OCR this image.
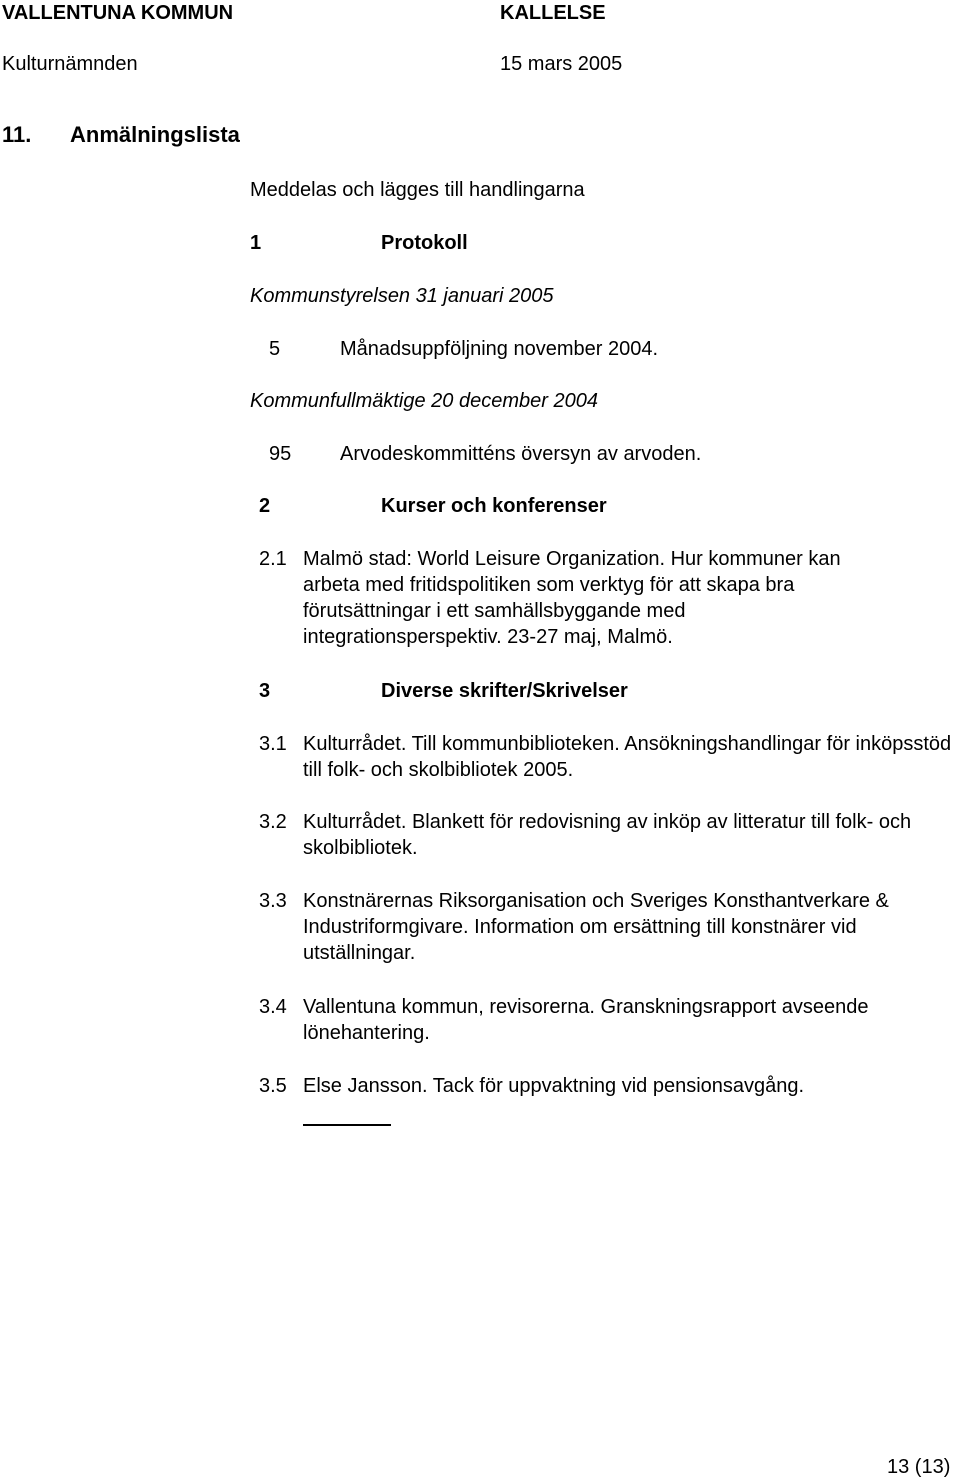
VALLENTUNA KOMMUN	KALLELSE
Kulturnämnden	15 mars 2005
11. Anmälningslista
Meddelas och lägges till handlingarna
1	Protokoll
Kommunstyrelsen 31 januari 2005
5	Månadsuppföljning november 2004.
Kommunfullmäktige 20 december 2004
95 Arvodeskommitténs översyn av arvoden.
2	Kurser och konferenser
2.1 Malmö stad: World Leisure Organization. Hur kommuner kan arbeta med fritidspolitiken som verktyg för att skapa bra förutsättningar i ett samhällsbyggande med integrationsperspektiv. 23-27 maj, Malmö.
3	Diverse skrifter/Skrivelser
3.1 Kulturrådet. Till kommunbiblioteken. Ansökningshandlingar för inköpsstöd till folk- och skolbibliotek 2005.
3.2 Kulturrådet. Blankett för redovisning av inköp av litteratur till folk- och skolbibliotek.
3.3 Konstnärernas Riksorganisation och Sveriges Konsthantverkare & Industriformgivare. Information om ersättning till konstnärer vid utställningar.
3.4 Vallentuna kommun, revisorerna. Granskningsrapport avseende lönehantering.
3.5 Else Jansson. Tack för uppvaktning vid pensionsavgång.
13 (13)
